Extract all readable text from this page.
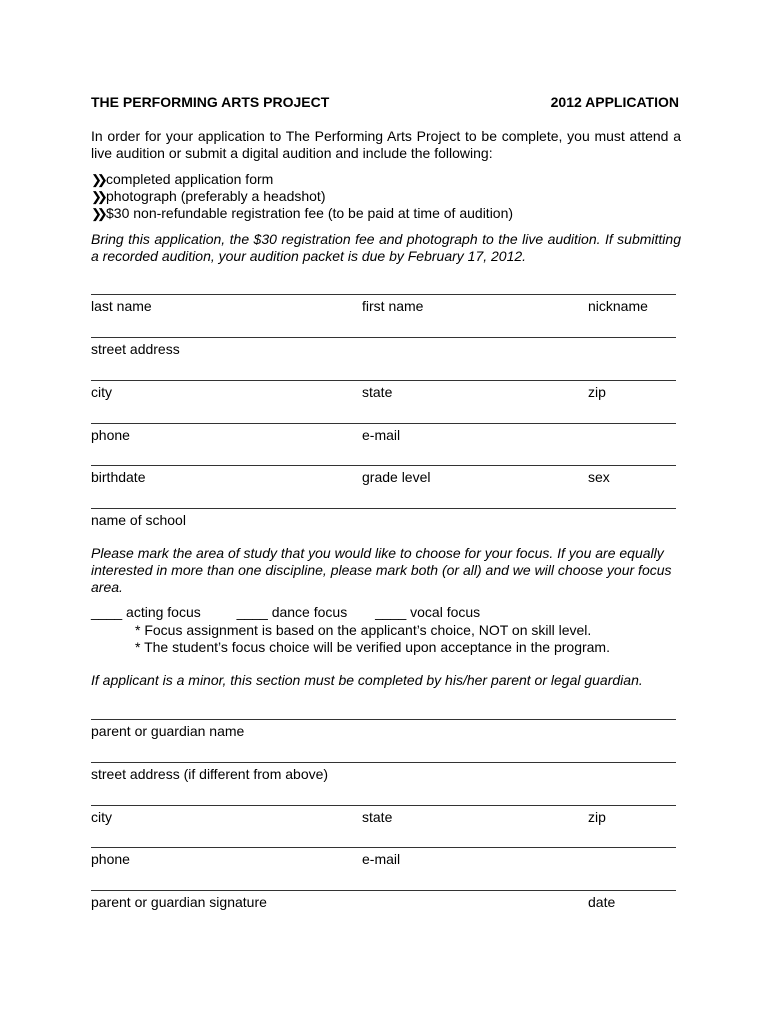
THE PERFORMING ARTS PROJECT	2012 APPLICATION
In order for your application to The Performing Arts Project to be complete, you must attend a live audition or submit a digital audition and include the following:
❯❯ completed application form
❯❯ photograph (preferably a headshot)
❯❯ $30 non-refundable registration fee (to be paid at time of audition)
Bring this application, the $30 registration fee and photograph to the live audition. If submitting a recorded audition, your audition packet is due by February 17, 2012.
last name	first name	nickname
street address
city	state	zip
phone	e-mail
birthdate	grade level	sex
name of school
Please mark the area of study that you would like to choose for your focus. If you are equally interested in more than one discipline, please mark both (or all) and we will choose your focus area.
____ acting focus	____ dance focus ____ vocal focus
* Focus assignment is based on the applicant’s choice, NOT on skill level.
* The student’s focus choice will be verified upon acceptance in the program.
If applicant is a minor, this section must be completed by his/her parent or legal guardian.
parent or guardian name
street address (if different from above)
city	state	zip
phone	e-mail
parent or guardian signature	date
